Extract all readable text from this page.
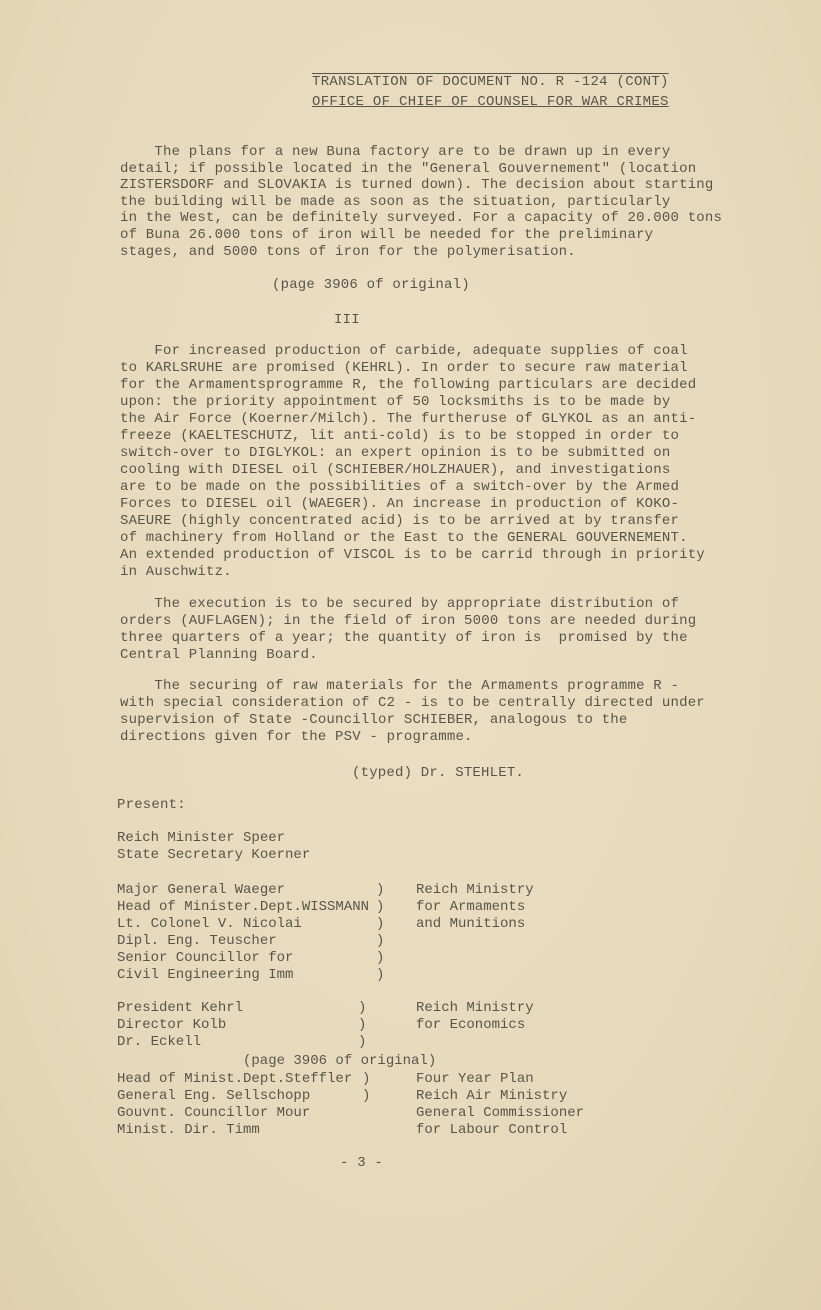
TRANSLATION OF DOCUMENT NO. R -124 (CONT)
OFFICE OF CHIEF OF COUNSEL FOR WAR CRIMES
The plans for a new Buna factory are to be drawn up in every
detail; if possible located in the "General Gouvernement" (location
ZISTERSDORF and SLOVAKIA is turned down). The decision about starting
the building will be made as soon as the situation, particularly
in the West, can be definitely surveyed. For a capacity of 20.000 tons
of Buna 26.000 tons of iron will be needed for the preliminary
stages, and 5000 tons of iron for the polymerisation.
(page 3906 of original)
III
For increased production of carbide, adequate supplies of coal
to KARLSRUHE are promised (KEHRL). In order to secure raw material
for the Armamentsprogramme R, the following particulars are decided
upon: the priority appointment of 50 locksmiths is to be made by
the Air Force (Koerner/Milch). The furtheruse of GLYKOL as an anti-
freeze (KAELTESCHUTZ, lit anti-cold) is to be stopped in order to
switch-over to DIGLYKOL: an expert opinion is to be submitted on
cooling with DIESEL oil (SCHIEBER/HOLZHAUER), and investigations
are to be made on the possibilities of a switch-over by the Armed
Forces to DIESEL oil (WAEGER). An increase in production of KOKO-
SAEURE (highly concentrated acid) is to be arrived at by transfer
of machinery from Holland or the East to the GENERAL GOUVERNEMENT.
An extended production of VISCOL is to be carrid through in priority
in Auschwitz.
The execution is to be secured by appropriate distribution of
orders (AUFLAGEN); in the field of iron 5000 tons are needed during
three quarters of a year; the quantity of iron is  promised by the
Central Planning Board.
The securing of raw materials for the Armaments programme R -
with special consideration of C2 - is to be centrally directed under
supervision of State -Councillor SCHIEBER, analogous to the
directions given for the PSV - programme.
(typed) Dr. STEHLET.
Present:
Reich Minister Speer
State Secretary Koerner
Major General Waeger
Head of Minister.Dept.WISSMANN
Lt. Colonel V. Nicolai
Dipl. Eng. Teuscher
Senior Councillor for
Civil Engineering Imm
)
)
)
)
)
)
Reich Ministry
for Armaments
and Munitions
President Kehrl
Director Kolb
Dr. Eckell
)
)
)
Reich Ministry
for Economics
(page 3906 of original)
Head of Minist.Dept.Steffler
General Eng. Sellschopp
Gouvnt. Councillor Mour
Minist. Dir. Timm
)
)
Four Year Plan
Reich Air Ministry
General Commissioner
for Labour Control
- 3 -
